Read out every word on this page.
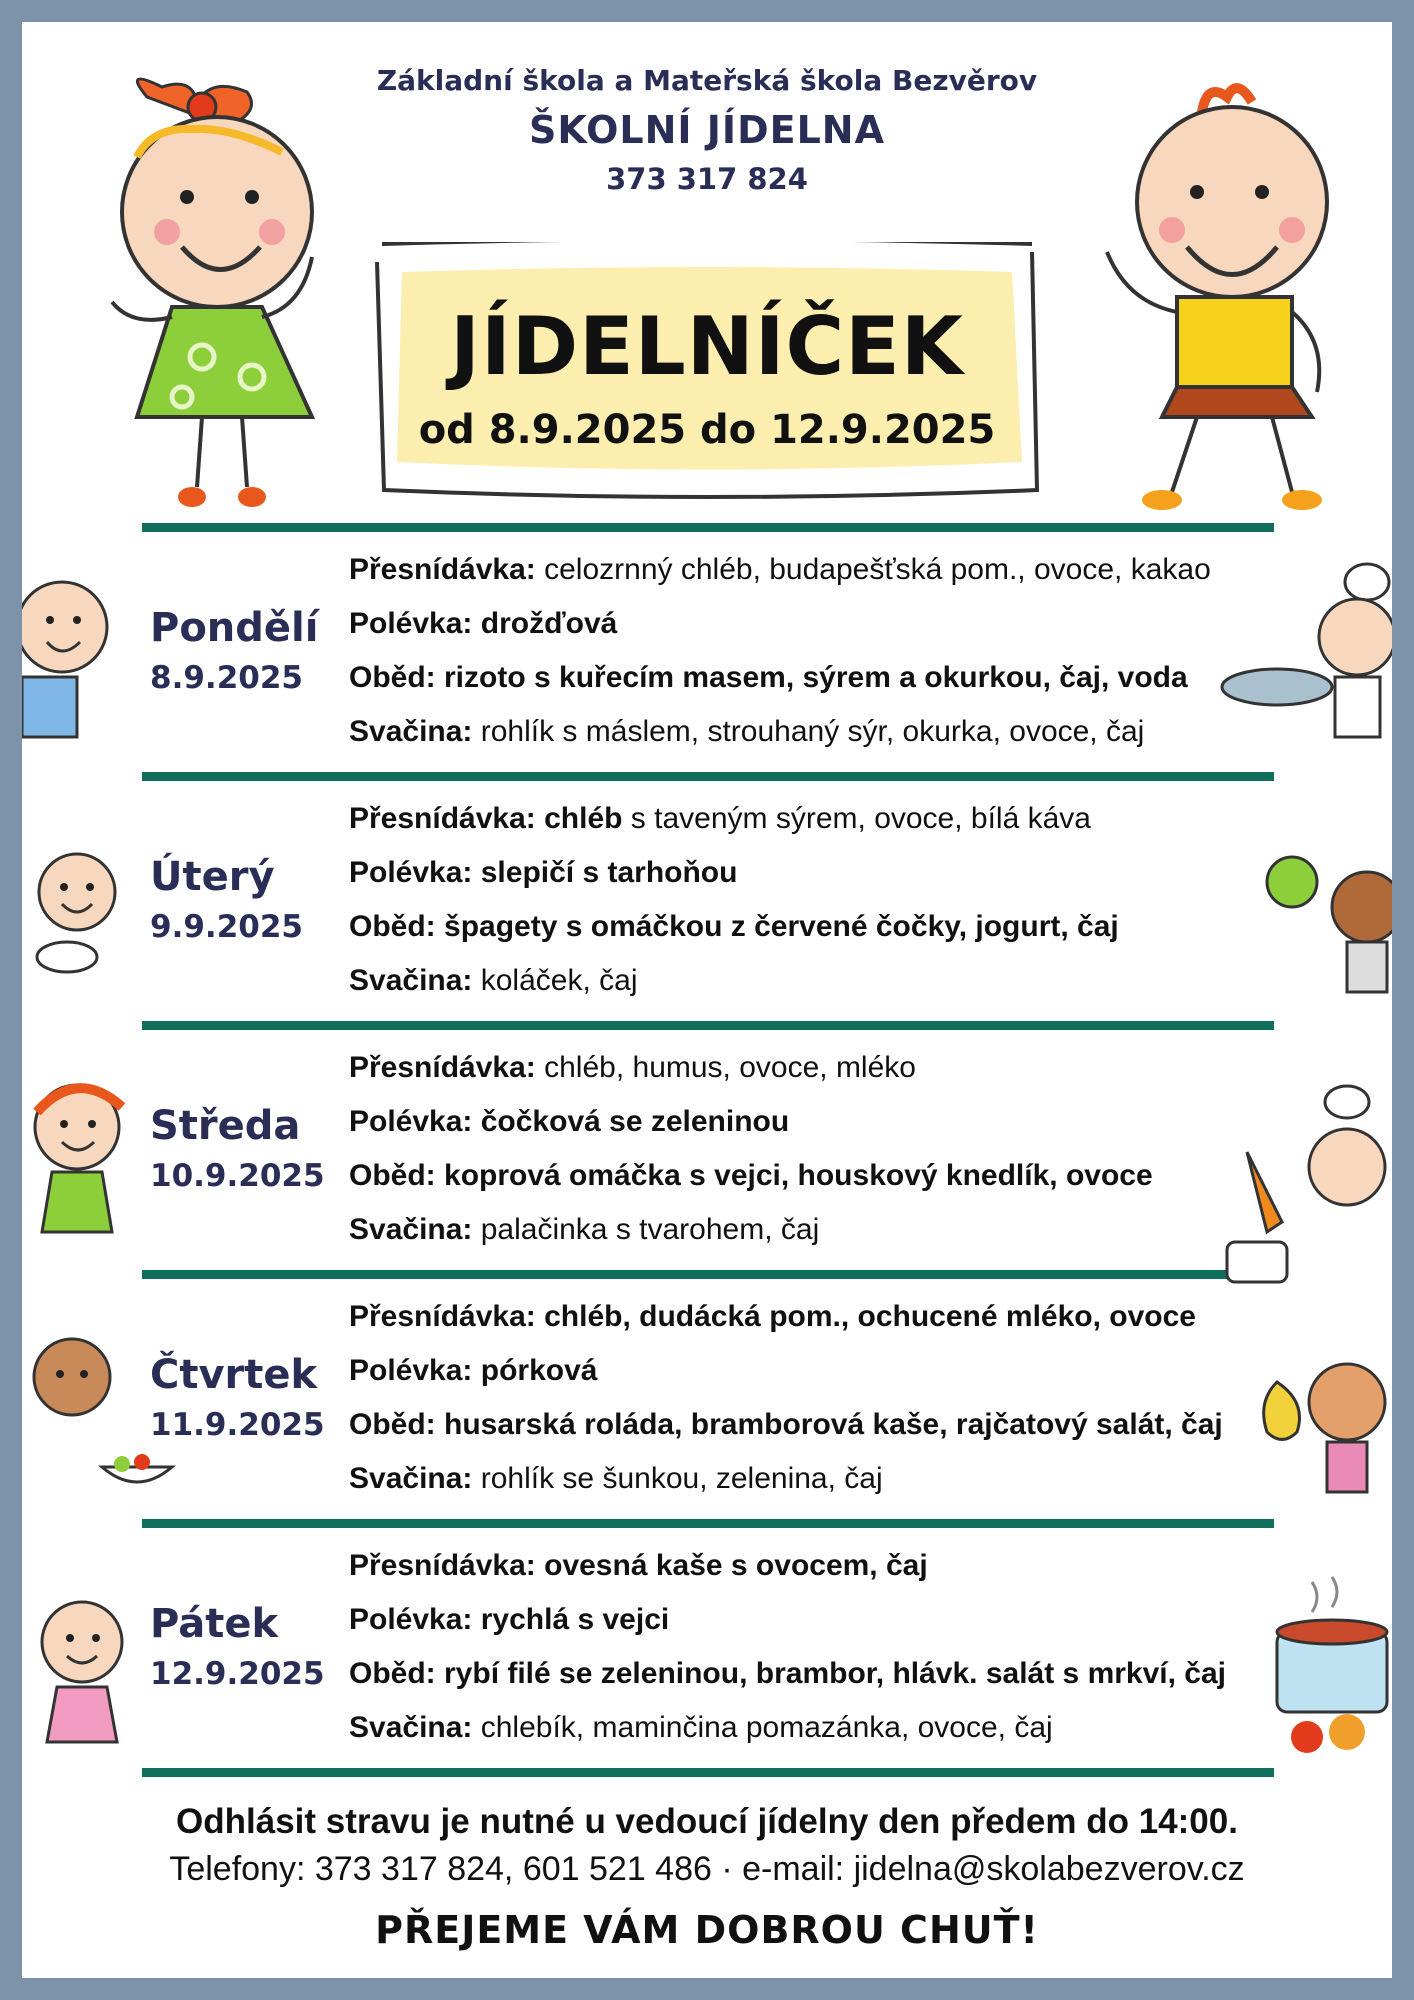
Základní škola a Mateřská škola Bezvěrov
ŠKOLNÍ JÍDELNA
373 317 824
JÍDELNÍČEK
od 8.9.2025 do 12.9.2025
Pondělí
8.9.2025
Přesnídávka: celozrnný chléb, budapešťská pom., ovoce, kakao
Polévka: drožďová
Oběd: rizoto s kuřecím masem, sýrem a okurkou, čaj, voda
Svačina: rohlík s máslem, strouhaný sýr, okurka, ovoce, čaj
Úterý
9.9.2025
Přesnídávka: chléb s taveným sýrem, ovoce, bílá káva
Polévka: slepičí s tarhoňou
Oběd: špagety s omáčkou z červené čočky, jogurt, čaj
Svačina: koláček, čaj
Středa
10.9.2025
Přesnídávka: chléb, humus, ovoce, mléko
Polévka: čočková se zeleninou
Oběd: koprová omáčka s vejci, houskový knedlík, ovoce
Svačina: palačinka s tvarohem, čaj
Čtvrtek
11.9.2025
Přesnídávka: chléb, dudácká pom., ochucené mléko, ovoce
Polévka: pórková
Oběd: husarská roláda, bramborová kaše, rajčatový salát, čaj
Svačina: rohlík se šunkou, zelenina, čaj
Pátek
12.9.2025
Přesnídávka: ovesná kaše s ovocem, čaj
Polévka: rychlá s vejci
Oběd: rybí filé se zeleninou, brambor, hlávk. salát s mrkví, čaj
Svačina: chlebík, maminčina pomazánka, ovoce, čaj
Odhlásit stravu je nutné u vedoucí jídelny den předem do 14:00.
Telefony: 373 317 824, 601 521 486 · e-mail: jidelna@skolabezverov.cz
PŘEJEME VÁM DOBROU CHUŤ!
